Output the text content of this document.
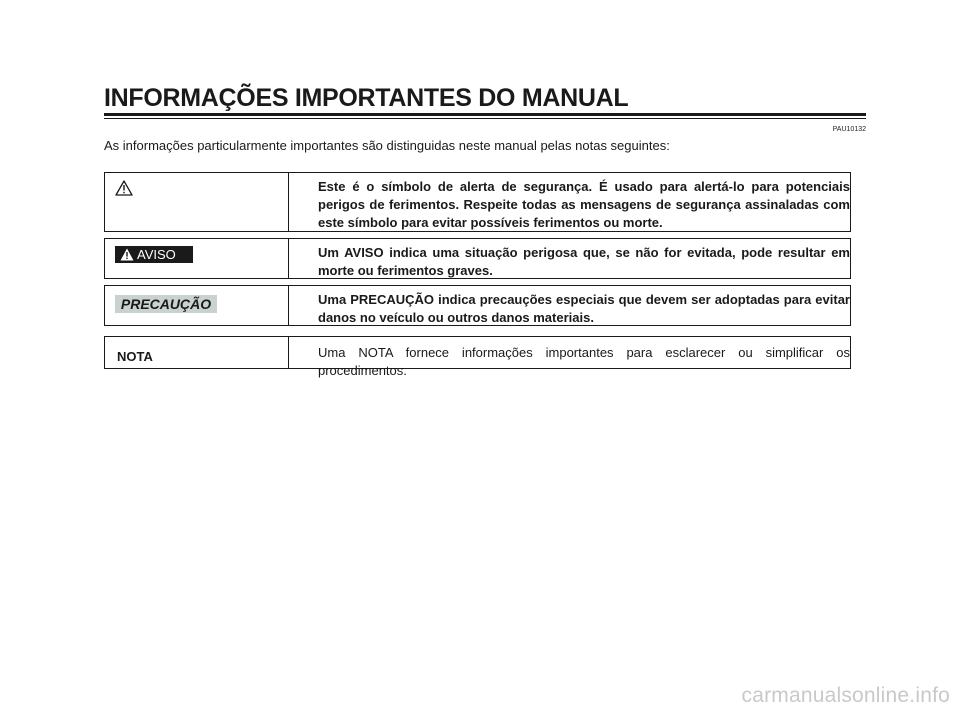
INFORMAÇÕES IMPORTANTES DO MANUAL
PAU10132
As informações particularmente importantes são distinguidas neste manual pelas notas seguintes:
Este é o símbolo de alerta de segurança. É usado para alertá-lo para potenciais perigos de ferimentos. Respeite todas as mensagens de segurança assinaladas com este símbolo para evitar possíveis ferimentos ou morte.
AVISO	Um AVISO indica uma situação perigosa que, se não for evitada, pode resultar em morte ou ferimentos graves.
PRECAUÇÃO	Uma PRECAUÇÃO indica precauções especiais que devem ser adoptadas para evitar danos no veículo ou outros danos materiais.
NOTA	Uma NOTA fornece informações importantes para esclarecer ou simplificar os procedimentos.
carmanualsonline.info
